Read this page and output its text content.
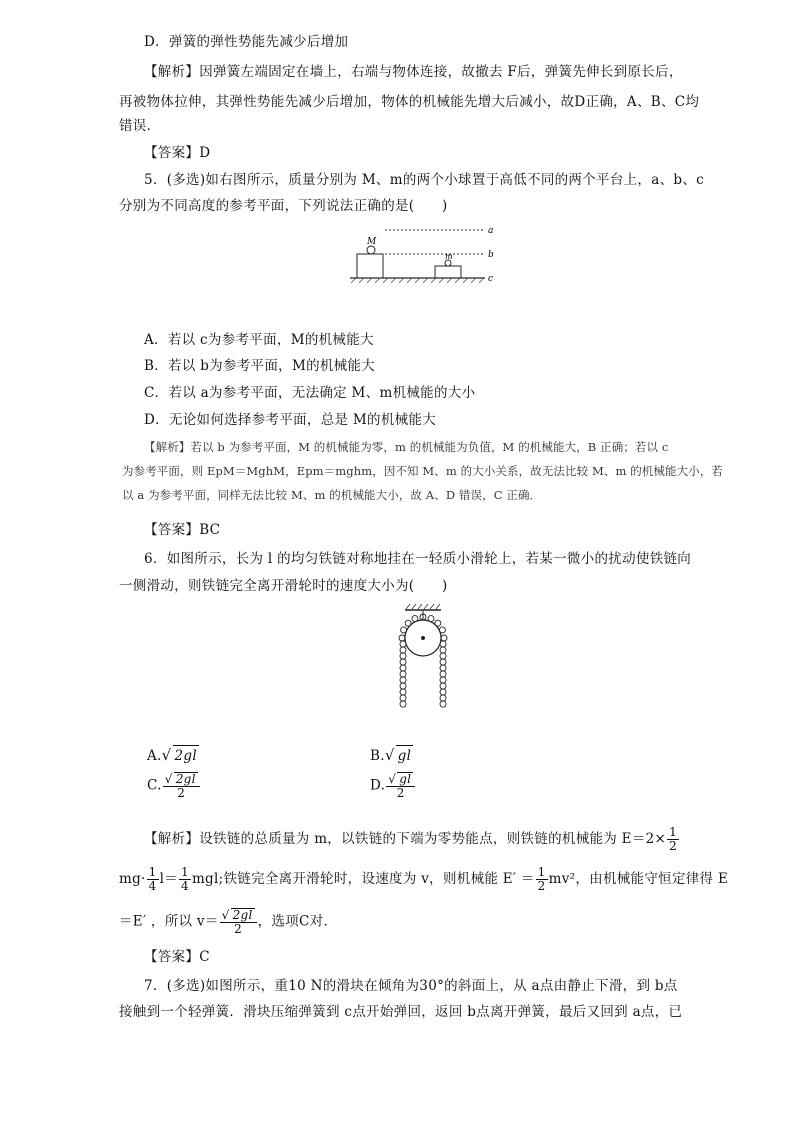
D．弹簧的弹性势能先减少后增加
【解析】因弹簧左端固定在墙上，右端与物体连接，故撤去 F后，弹簧先伸长到原长后，
再被物体拉伸，其弹性势能先减少后增加，物体的机械能先增大后减小，故D正确，A、B、C均
错误．
【答案】D
5．(多选)如右图所示，质量分别为 M、m的两个小球置于高低不同的两个平台上，a、b、c
分别为不同高度的参考平面，下列说法正确的是(　　)
M
m
a
b
c
A．若以 c为参考平面，M的机械能大
B．若以 b为参考平面，M的机械能大
C．若以 a为参考平面，无法确定 M、m机械能的大小
D．无论如何选择参考平面，总是 M的机械能大
【解析】若以 b 为参考平面，M 的机械能为零，m 的机械能为负值，M 的机械能大，B 正确；若以 c
为参考平面，则 EpM＝MghM，Epm＝mghm，因不知 M、m 的大小关系，故无法比较 M、m 的机械能大小，若
以 a 为参考平面，同样无法比较 M、m 的机械能大小，故 A、D 错误，C 正确．
【答案】BC
6．如图所示，长为 l 的均匀铁链对称地挂在一轻质小滑轮上，若某一微小的扰动使铁链向
一侧滑动，则铁链完全离开滑轮时的速度大小为(　　)
A.√ 2gl	B.√ gl
C. $\frac{√ 2gl}{2}$	D. $\frac{√ gl}{2}$
【解析】设铁链的总质量为 m，以铁链的下端为零势能点，则铁链的机械能为 $E=2\times \frac{1}{2}$
$mg\cdot \frac{1}{4} l= \frac{1}{4}$ mgl;铁链完全离开滑轮时，设速度为 v，则机械能 $E' = \frac{1}{2} mv^2$，由机械能守恒定律得 E
＝E′ ，所以 $v= \frac{√ 2gl}{2}$ ，选项C对．
【答案】C
7．(多选)如图所示，重10 N的滑块在倾角为30°的斜面上，从 a点由静止下滑，到 b点
接触到一个轻弹簧．滑块压缩弹簧到 c点开始弹回，返回 b点离开弹簧，最后又回到 a点，已
